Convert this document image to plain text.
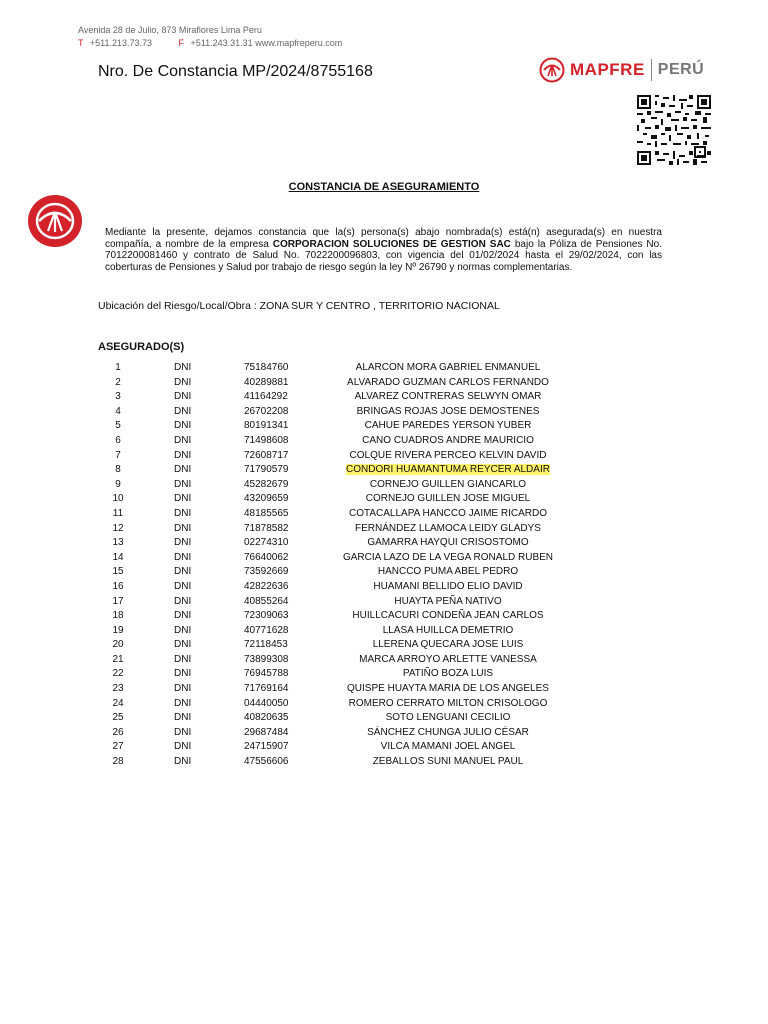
Avenida 28 de Julio, 873 Miraflores Lima Peru
T +511.213.73.73	F +511.243.31.31 www.mapfreperu.com
Nro. De Constancia MP/2024/8755168	MAPFRE PERÚ
CONSTANCIA DE ASEGURAMIENTO
Mediante la presente, dejamos constancia que la(s) persona(s) abajo nombrada(s) está(n) asegurada(s) en nuestra compañía, a nombre de la empresa CORPORACION SOLUCIONES DE GESTION SAC bajo la Póliza de Pensiones No. 7012200081460 y contrato de Salud No. 7022200096803, con vigencia del 01/02/2024 hasta el 29/02/2024, con las coberturas de Pensiones y Salud por trabajo de riesgo según la ley Nº 26790 y normas complementarias.
Ubicación del Riesgo/Local/Obra : ZONA SUR Y CENTRO , TERRITORIO NACIONAL
ASEGURADO(S)
1	DNI	75184760	ALARCON MORA GABRIEL ENMANUEL
2	DNI	40289881	ALVARADO GUZMAN CARLOS FERNANDO
3	DNI	41164292	ALVAREZ CONTRERAS SELWYN OMAR
4	DNI	26702208	BRINGAS ROJAS JOSE DEMOSTENES
5	DNI	80191341	CAHUE PAREDES YERSON YUBER
6	DNI	71498608	CANO CUADROS ANDRE MAURICIO
7	DNI	72608717	COLQUE RIVERA PERCEO KELVIN DAVID
8	DNI	71790579	CONDORI HUAMANTUMA REYCER ALDAIR
9	DNI	45282679	CORNEJO GUILLEN GIANCARLO
10	DNI	43209659	CORNEJO GUILLEN JOSE MIGUEL
11	DNI	48185565	COTACALLAPA HANCCO JAIME RICARDO
12	DNI	71878582	FERNÁNDEZ LLAMOCA LEIDY GLADYS
13	DNI	02274310	GAMARRA HAYQUI CRISOSTOMO
14	DNI	76640062	GARCIA LAZO DE LA VEGA RONALD RUBEN
15	DNI	73592669	HANCCO PUMA ABEL PEDRO
16	DNI	42822636	HUAMANI BELLIDO ELIO DAVID
17	DNI	40855264	HUAYTA PEÑA NATIVO
18	DNI	72309063	HUILLCACURI CONDEÑA JEAN CARLOS
19	DNI	40771628	LLASA HUILLCA DEMETRIO
20	DNI	72118453	LLERENA QUECARA JOSE LUIS
21	DNI	73899308	MARCA ARROYO ARLETTE VANESSA
22	DNI	76945788	PATIÑO BOZA LUIS
23	DNI	71769164	QUISPE HUAYTA MARIA DE LOS ANGELES
24	DNI	04440050	ROMERO CERRATO MILTON CRISOLOGO
25	DNI	40820635	SOTO LENGUANI CECILIO
26	DNI	29687484	SÁNCHEZ CHUNGA JULIO CÉSAR
27	DNI	24715907	VILCA MAMANI JOEL ANGEL
28	DNI	47556606	ZEBALLOS SUNI MANUEL PAUL
